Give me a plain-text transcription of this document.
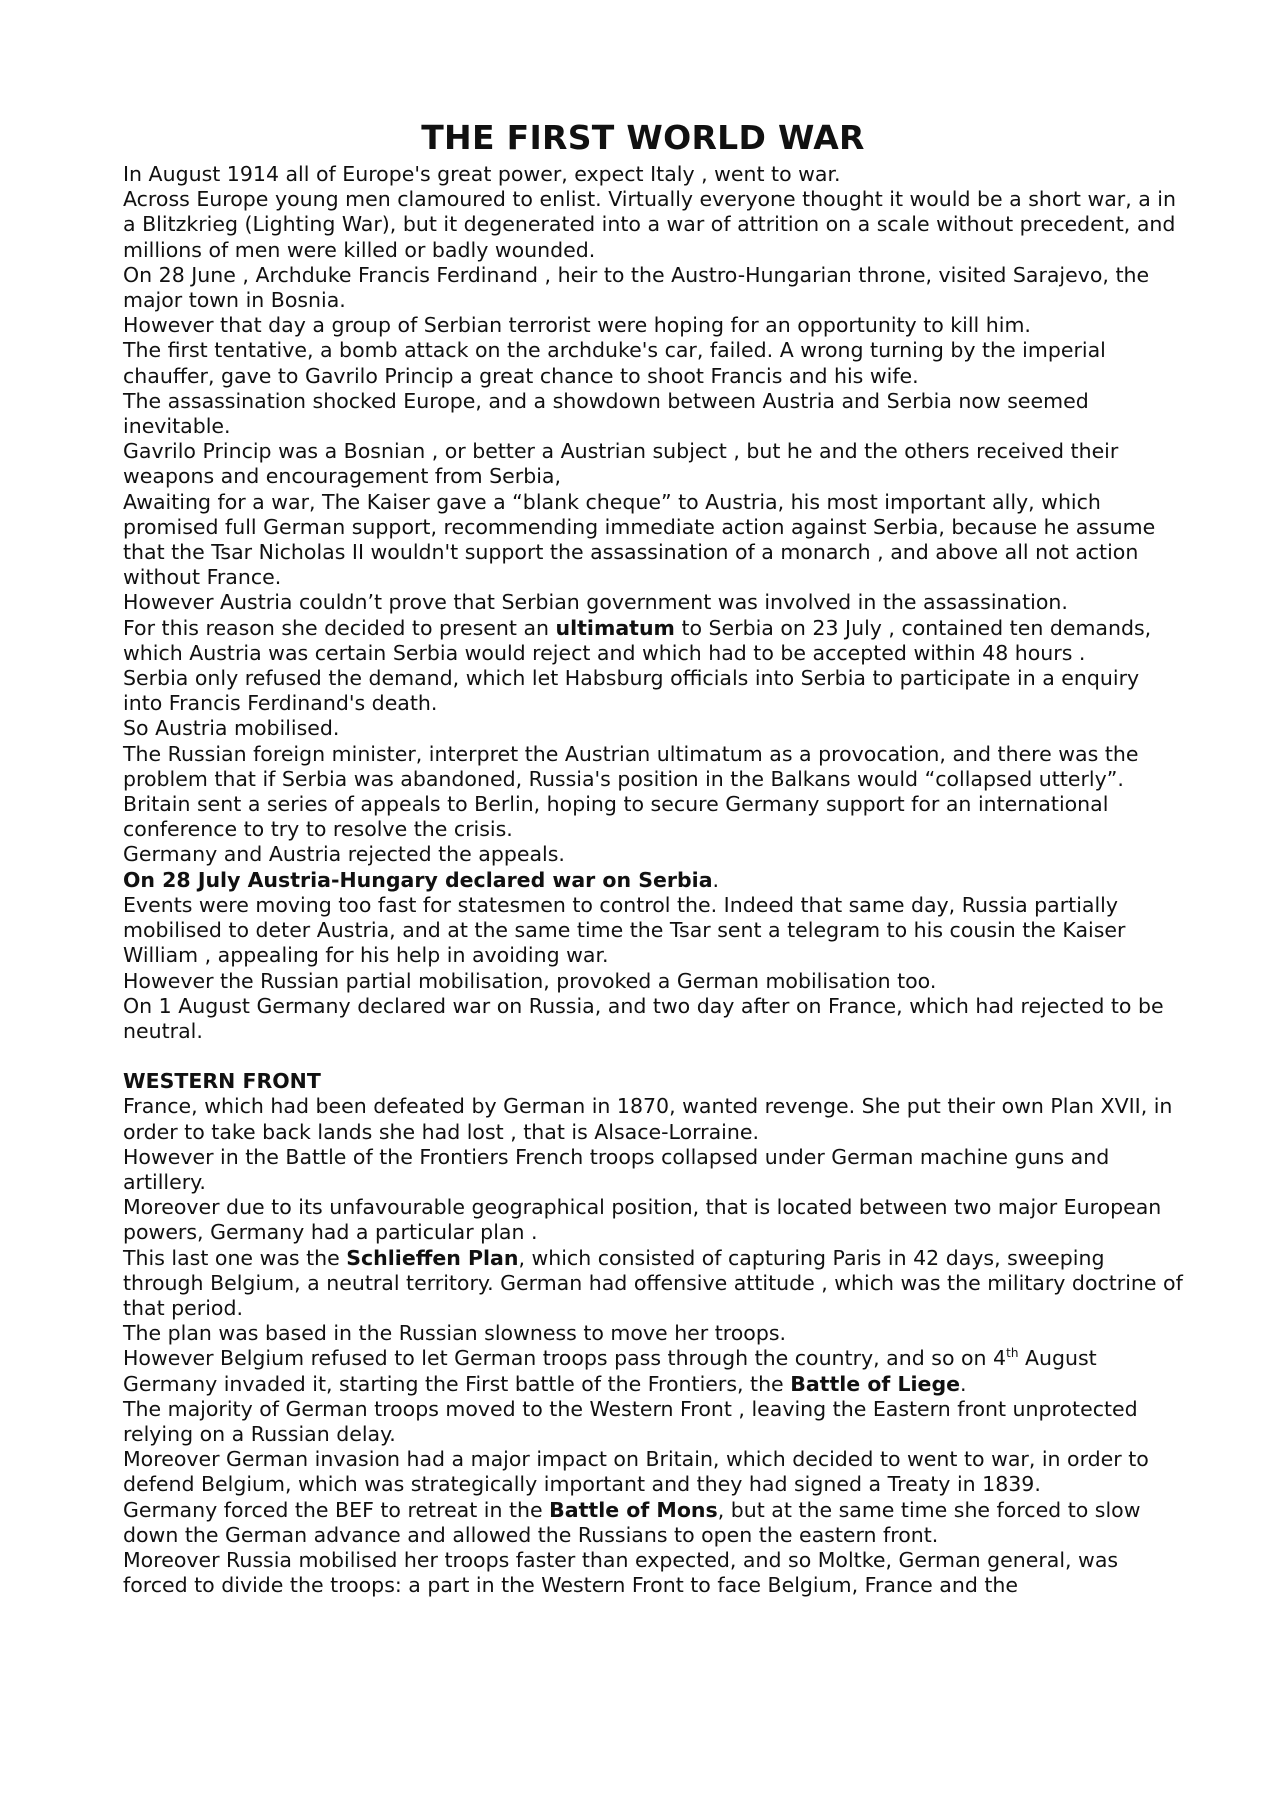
THE FIRST WORLD WAR

In August 1914 all of Europe's great power, expect Italy , went to war.

Across Europe young men clamoured to enlist. Virtually everyone thought it would be a short war, a in a Blitzkrieg (Lighting War), but it degenerated into a war of attrition on a scale without precedent, and millions of men were killed or badly wounded.

On 28 June , Archduke Francis Ferdinand , heir to the Austro-Hungarian throne, visited Sarajevo, the major town in Bosnia.

However that day a group of Serbian terrorist were hoping for an opportunity to kill him.

The first tentative, a bomb attack on the archduke's car, failed. A wrong turning by the imperial chauffer, gave to Gavrilo Princip a great chance to shoot Francis and his wife.

The assassination shocked Europe, and a showdown between Austria and Serbia now seemed inevitable.

Gavrilo Princip was a Bosnian , or better a Austrian subject , but he and the others received their weapons and encouragement from Serbia,

Awaiting for a war, The Kaiser gave a “blank cheque” to Austria, his most important ally, which promised full German support, recommending immediate action against Serbia, because he assume that the Tsar Nicholas II wouldn't support the assassination of a monarch , and above all not action without France.

However Austria couldn’t prove that Serbian government was involved in the assassination.

For this reason she decided to present an ultimatum to Serbia on 23 July , contained ten demands, which Austria was certain Serbia would reject and which had to be accepted within 48 hours .

Serbia only refused the demand, which let Habsburg officials into Serbia to participate in a enquiry into Francis Ferdinand's death.

So Austria mobilised.

The Russian foreign minister, interpret the Austrian ultimatum as a provocation, and there was the problem that if Serbia was abandoned, Russia's position in the Balkans would “collapsed utterly”.

Britain sent a series of appeals to Berlin, hoping to secure Germany support for an international conference to try to resolve the crisis.

Germany and Austria rejected the appeals.

On 28 July Austria-Hungary declared war on Serbia.

Events were moving too fast for statesmen to control the. Indeed that same day, Russia partially mobilised to deter Austria, and at the same time the Tsar sent a telegram to his cousin the Kaiser William , appealing for his help in avoiding war.

However the Russian partial mobilisation, provoked a German mobilisation too.

On 1 August Germany declared war on Russia, and two day after on France, which had rejected to be neutral.

WESTERN FRONT

France, which had been defeated by German in 1870, wanted revenge. She put their own Plan XVII, in order to take back lands she had lost , that is Alsace-Lorraine.

However in the Battle of the Frontiers French troops collapsed under German machine guns and artillery.

Moreover due to its unfavourable geographical position, that is located between two major European powers, Germany had a particular plan .

This last one was the Schlieffen Plan, which consisted of capturing Paris in 42 days, sweeping through Belgium, a neutral territory. German had offensive attitude , which was the military doctrine of that period.

The plan was based in the Russian slowness to move her troops.

However Belgium refused to let German troops pass through the country, and so on 4th August Germany invaded it, starting the First battle of the Frontiers, the Battle of Liege.

The majority of German troops moved to the Western Front , leaving the Eastern front unprotected relying on a Russian delay.

Moreover German invasion had a major impact on Britain, which decided to went to war, in order to defend Belgium, which was strategically important and they had signed a Treaty in 1839.

Germany forced the BEF to retreat in the Battle of Mons, but at the same time she forced to slow down the German advance and allowed the Russians to open the eastern front.

Moreover Russia mobilised her troops faster than expected, and so Moltke, German general, was forced to divide the troops: a part in the Western Front to face Belgium, France and the
